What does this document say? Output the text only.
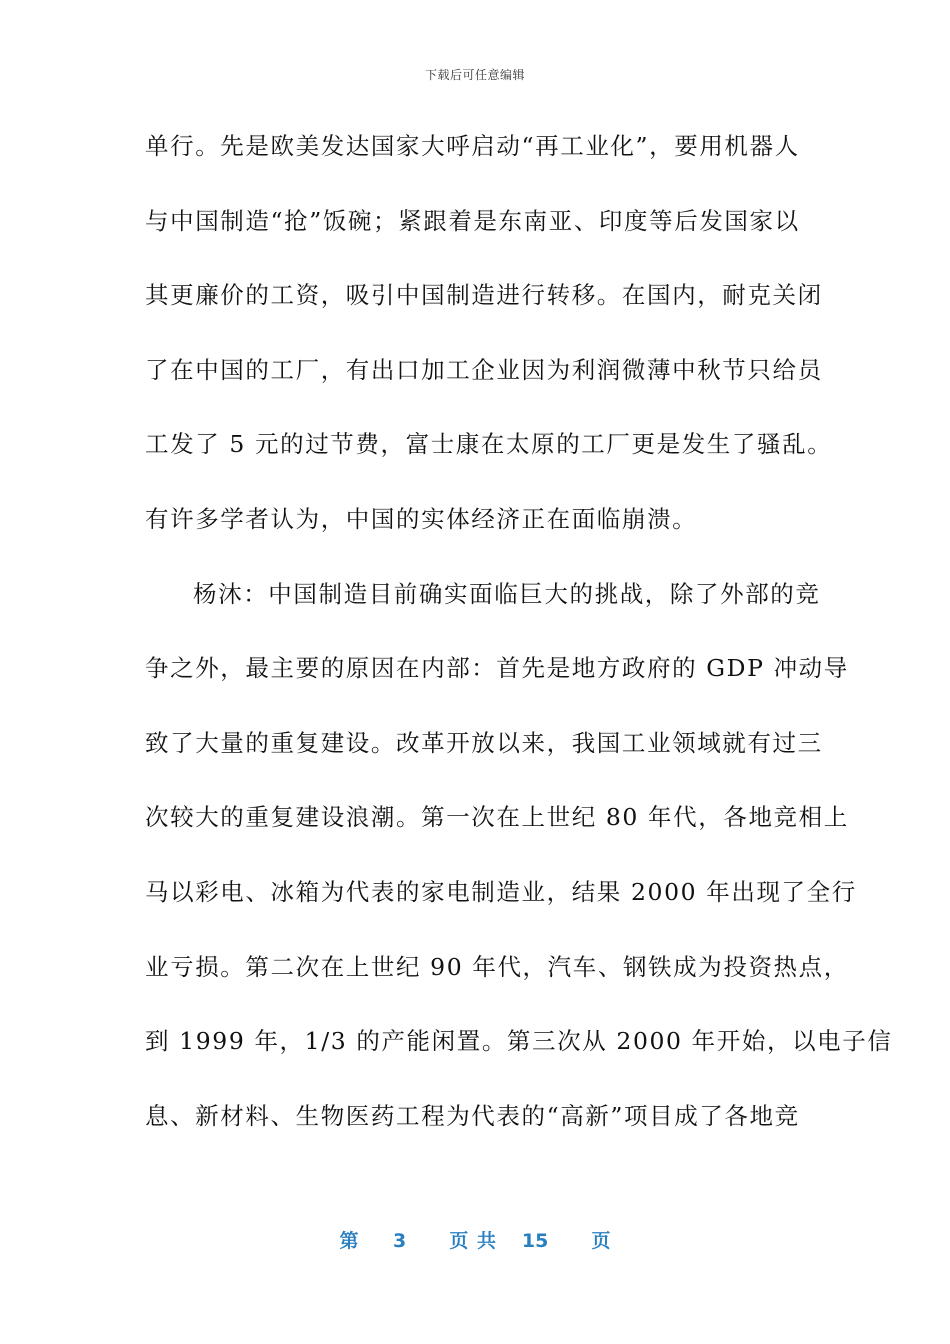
下载后可任意编辑
单行。先是欧美发达国家大呼启动“再工业化”，要用机器人
与中国制造“抢”饭碗；紧跟着是东南亚、印度等后发国家以
其更廉价的工资，吸引中国制造进行转移。在国内，耐克关闭
了在中国的工厂，有出口加工企业因为利润微薄中秋节只给员
工发了 5 元的过节费，富士康在太原的工厂更是发生了骚乱。
有许多学者认为，中国的实体经济正在面临崩溃。
杨沐：中国制造目前确实面临巨大的挑战，除了外部的竞
争之外，最主要的原因在内部：首先是地方政府的 GDP 冲动导
致了大量的重复建设。改革开放以来，我国工业领域就有过三
次较大的重复建设浪潮。第一次在上世纪 80 年代，各地竞相上
马以彩电、冰箱为代表的家电制造业，结果 2000 年出现了全行
业亏损。第二次在上世纪 90 年代，汽车、钢铁成为投资热点，
到 1999 年，1/3 的产能闲置。第三次从 2000 年开始，以电子信
息、新材料、生物医药工程为代表的“高新”项目成了各地竞
第 3 页 共 15 页
